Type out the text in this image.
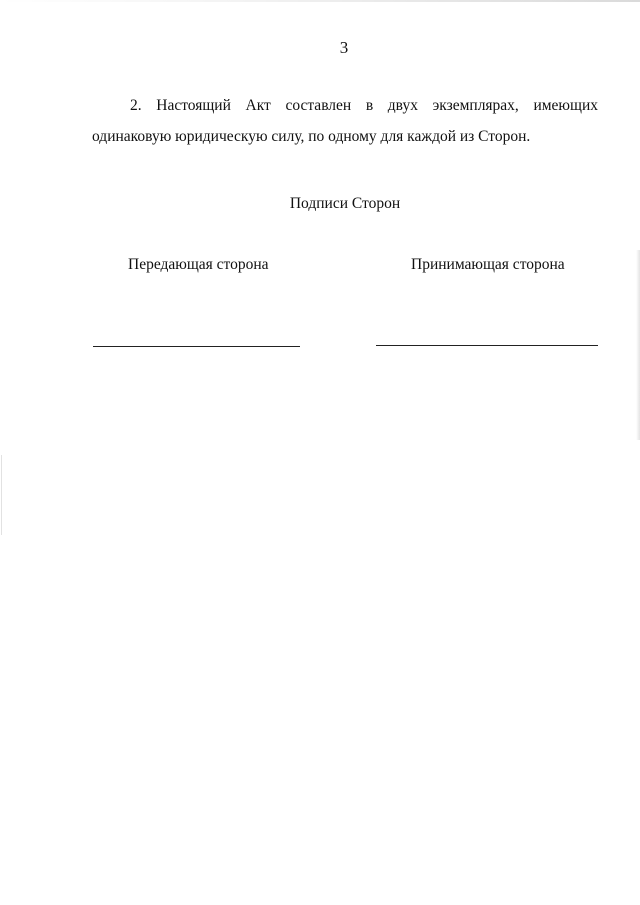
3

2. Настоящий Акт составлен в двух экземплярах, имеющих одинаковую юридическую силу, по одному для каждой из Сторон.

Подписи Сторон
Передающая сторона	Принимающая сторона
